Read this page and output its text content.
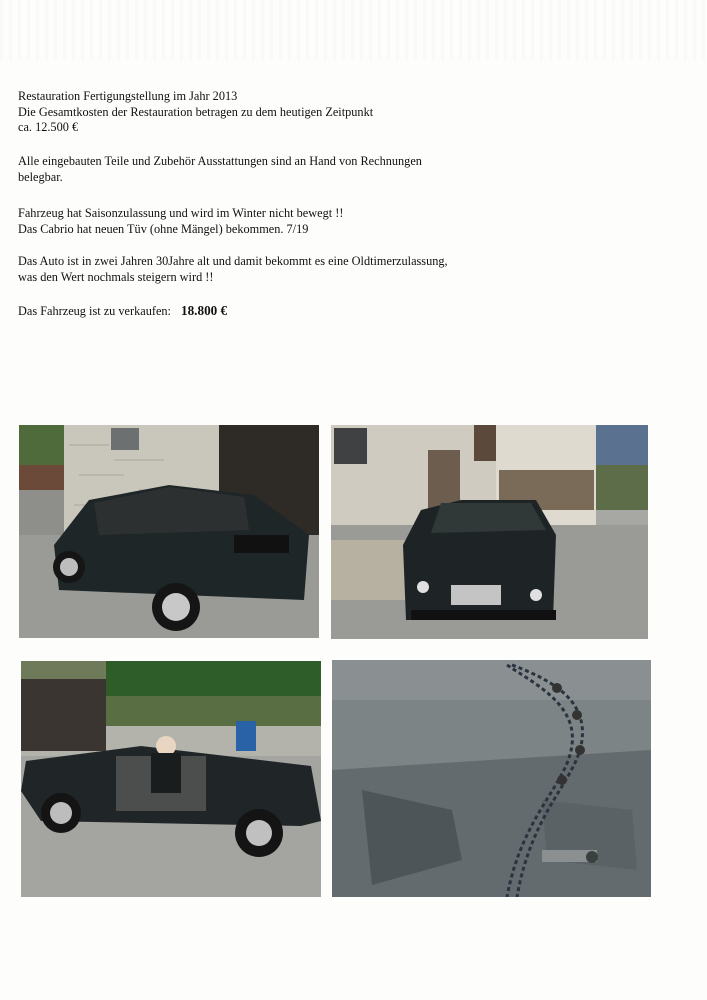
Restauration Fertigungstellung im Jahr 2013

Die Gesamtkosten der Restauration betragen zu dem heutigen Zeitpunkt

ca. 12.500 €

Alle eingebauten Teile und Zubehör Ausstattungen sind an Hand von Rechnungen

belegbar.

Fahrzeug hat Saisonzulassung und wird im Winter nicht bewegt !!

Das Cabrio hat neuen Tüv (ohne Mängel) bekommen. 7/19

Das Auto ist in zwei Jahren 30Jahre alt und damit bekommt es eine Oldtimerzulassung,

was den Wert nochmals steigern wird !!

Das Fahrzeug ist zu verkaufen: 18.800 €
